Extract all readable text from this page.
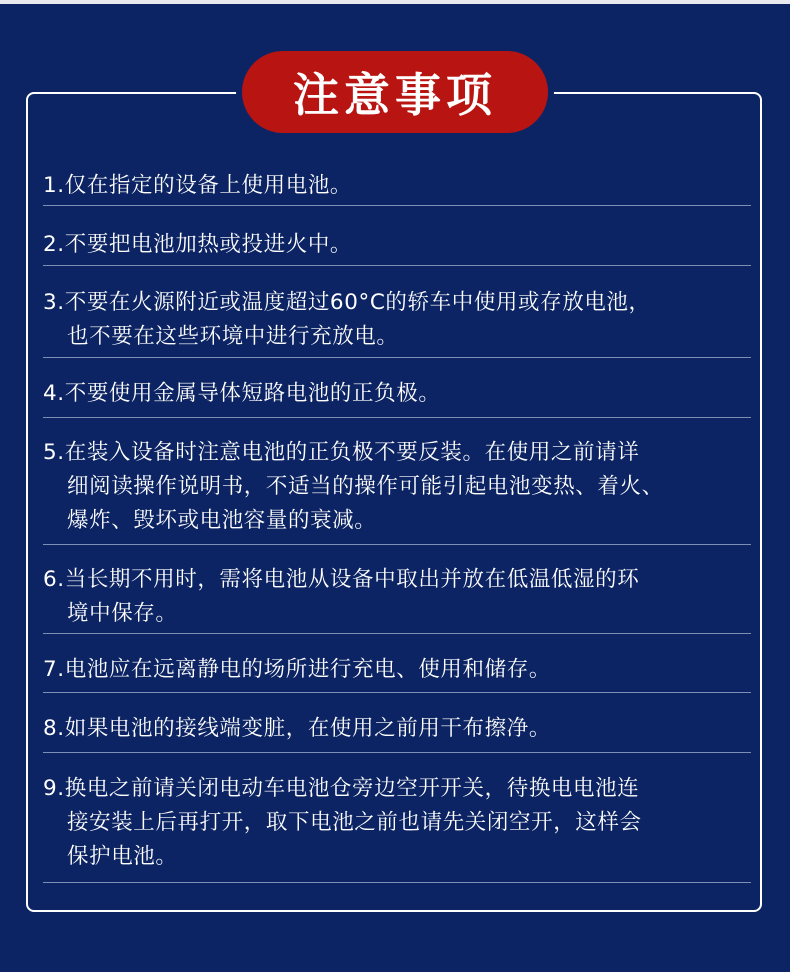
注意事项
1.仅在指定的设备上使用电池。
2.不要把电池加热或投进火中。
3.不要在火源附近或温度超过60°C的轿车中使用或存放电池，
也不要在这些环境中进行充放电。
4.不要使用金属导体短路电池的正负极。
5.在装入设备时注意电池的正负极不要反装。在使用之前请详
细阅读操作说明书，不适当的操作可能引起电池变热、着火、
爆炸、毁坏或电池容量的衰减。
6.当长期不用时，需将电池从设备中取出并放在低温低湿的环
境中保存。
7.电池应在远离静电的场所进行充电、使用和储存。
8.如果电池的接线端变脏，在使用之前用干布擦净。
9.换电之前请关闭电动车电池仓旁边空开开关，待换电电池连
接安装上后再打开，取下电池之前也请先关闭空开，这样会
保护电池。
